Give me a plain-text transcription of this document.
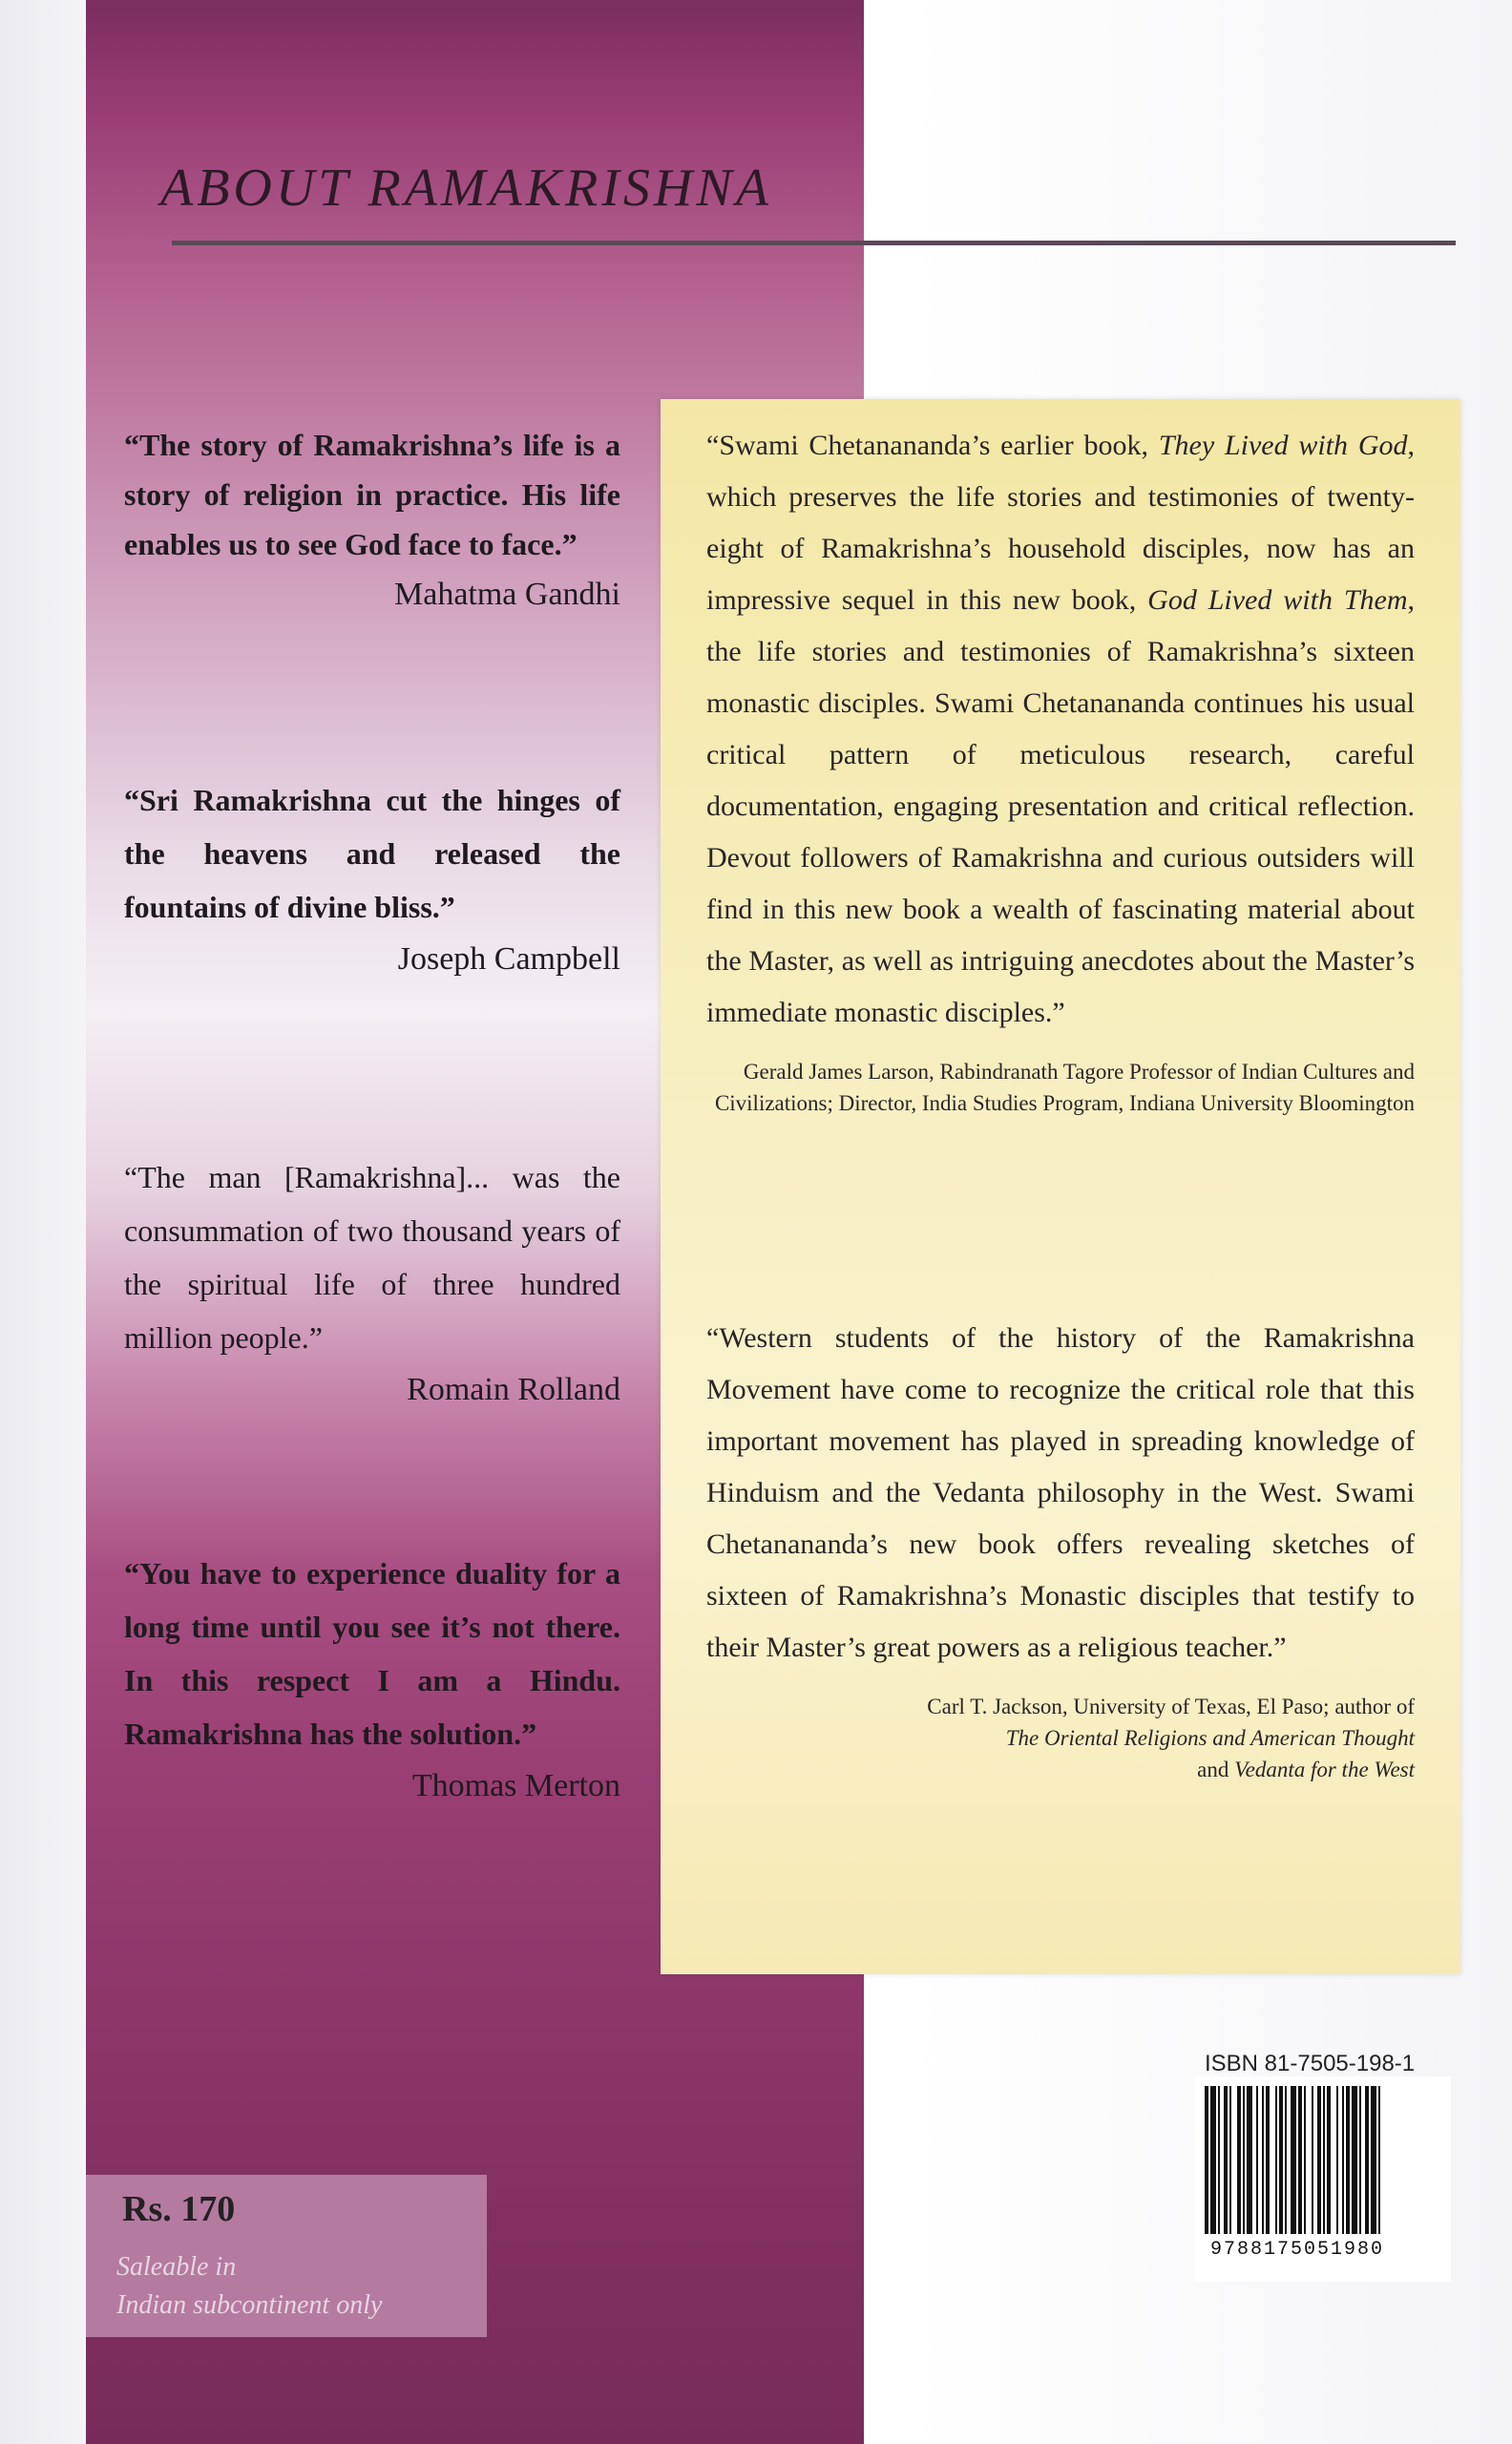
ABOUT RAMAKRISHNA

“The story of Ramakrishna’s life is a story of religion in practice. His life enables us to see God face to face.”

Mahatma Gandhi

“Sri Ramakrishna cut the hinges of the heavens and released the fountains of divine bliss.”

Joseph Campbell

“The man [Ramakrishna]... was the consummation of two thousand years of the spiritual life of three hundred million people.”

Romain Rolland

“You have to experience duality for a long time until you see it’s not there. In this respect I am a Hindu. Ramakrishna has the solution.”

Thomas Merton

“Swami Chetanananda’s earlier book, They Lived with God, which preserves the life stories and testimonies of twenty-eight of Ramakrishna’s household disciples, now has an impressive sequel in this new book, God Lived with Them, the life stories and testimonies of Ramakrishna’s sixteen monastic disciples. Swami Chetanananda continues his usual critical pattern of meticulous research, careful documentation, engaging presentation and critical reflection. Devout followers of Ramakrishna and curious outsiders will find in this new book a wealth of fascinating material about the Master, as well as intriguing anecdotes about the Master’s immediate monastic disciples.”

Gerald James Larson, Rabindranath Tagore Professor of Indian Cultures and Civilizations; Director, India Studies Program, Indiana University Bloomington

“Western students of the history of the Ramakrishna Movement have come to recognize the critical role that this important movement has played in spreading knowledge of Hinduism and the Vedanta philosophy in the West. Swami Chetanananda’s new book offers revealing sketches of sixteen of Ramakrishna’s Monastic disciples that testify to their Master’s great powers as a religious teacher.”

Carl T. Jackson, University of Texas, El Paso; author of
The Oriental Religions and American Thought
and Vedanta for the West
Rs. 170
Saleable in
Indian subcontinent only
ISBN 81-7505-198-1
9788175051980
